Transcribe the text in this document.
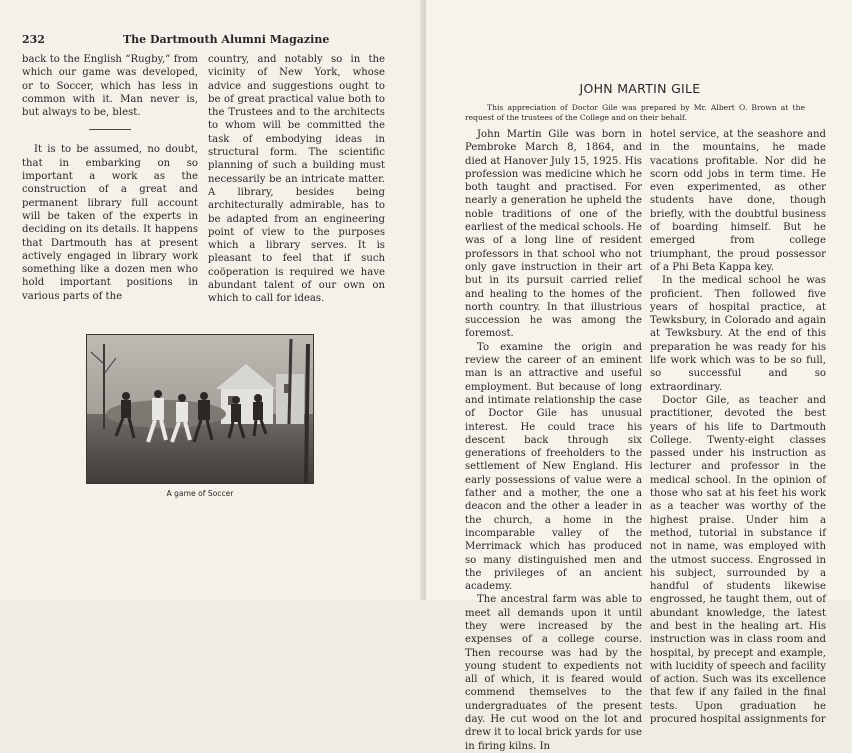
232	The Dartmouth Alumni Magazine

back to the English “Rugby,” from which our game was developed, or to Soccer, which has less in common with it. Man never is, but always to be, blest.

It is to be assumed, no doubt, that in embarking on so important a work as the construction of a great and permanent library full account will be taken of the experts in deciding on its details. It happens that Dartmouth has at present actively engaged in library work something like a dozen men who hold important positions in various parts of the

country, and notably so in the vicinity of New York, whose advice and suggestions ought to be of great practical value both to the Trustees and to the architects to whom will be committed the task of embodying ideas in structural form. The scientific planning of such a building must necessarily be an intricate matter. A library, besides being architecturally admirable, has to be adapted from an engineering point of view to the purposes which a library serves. It is pleasant to feel that if such coöperation is required we have abundant talent of our own on which to call for ideas.

A game of Soccer
JOHN MARTIN GILE
This appreciation of Doctor Gile was prepared by Mr. Albert O. Brown at the request of the trustees of the College and on their behalf.

John Martin Gile was born in Pembroke March 8, 1864, and died at Hanover July 15, 1925. His profession was medicine which he both taught and practised. For nearly a generation he upheld the noble traditions of one of the earliest of the medical schools. He was of a long line of resident professors in that school who not only gave instruction in their art but in its pursuit carried relief and healing to the homes of the north country. In that illustrious succession he was among the foremost.

To examine the origin and review the career of an eminent man is an attractive and useful employment. But because of long and intimate relationship the case of Doctor Gile has unusual interest. He could trace his descent back through six generations of freeholders to the settlement of New England. His early possessions of value were a father and a mother, the one a deacon and the other a leader in the church, a home in the incomparable valley of the Merrimack which has produced so many distinguished men and the privileges of an ancient academy.

The ancestral farm was able to meet all demands upon it until they were increased by the expenses of a college course. Then recourse was had by the young student to expedients not all of which, it is feared would commend themselves to the undergraduates of the present day. He cut wood on the lot and drew it to local brick yards for use in firing kilns. In

hotel service, at the seashore and in the mountains, he made vacations profitable. Nor did he scorn odd jobs in term time. He even experimented, as other students have done, though briefly, with the doubtful business of boarding himself. But he emerged from college triumphant, the proud possessor of a Phi Beta Kappa key.

In the medical school he was proficient. Then followed five years of hospital practice, at Tewksbury, in Colorado and again at Tewksbury. At the end of this preparation he was ready for his life work which was to be so full, so successful and so extraordinary.

Doctor Gile, as teacher and practitioner, devoted the best years of his life to Dartmouth College. Twenty-eight classes passed under his instruction as lecturer and professor in the medical school. In the opinion of those who sat at his feet his work as a teacher was worthy of the highest praise. Under him a method, tutorial in substance if not in name, was employed with the utmost success. Engrossed in his subject, surrounded by a handful of students likewise engrossed, he taught them, out of abundant knowledge, the latest and best in the healing art. His instruction was in class room and hospital, by precept and example, with lucidity of speech and facility of action. Such was its excellence that few if any failed in the final tests. Upon graduation he procured hospital assignments for
